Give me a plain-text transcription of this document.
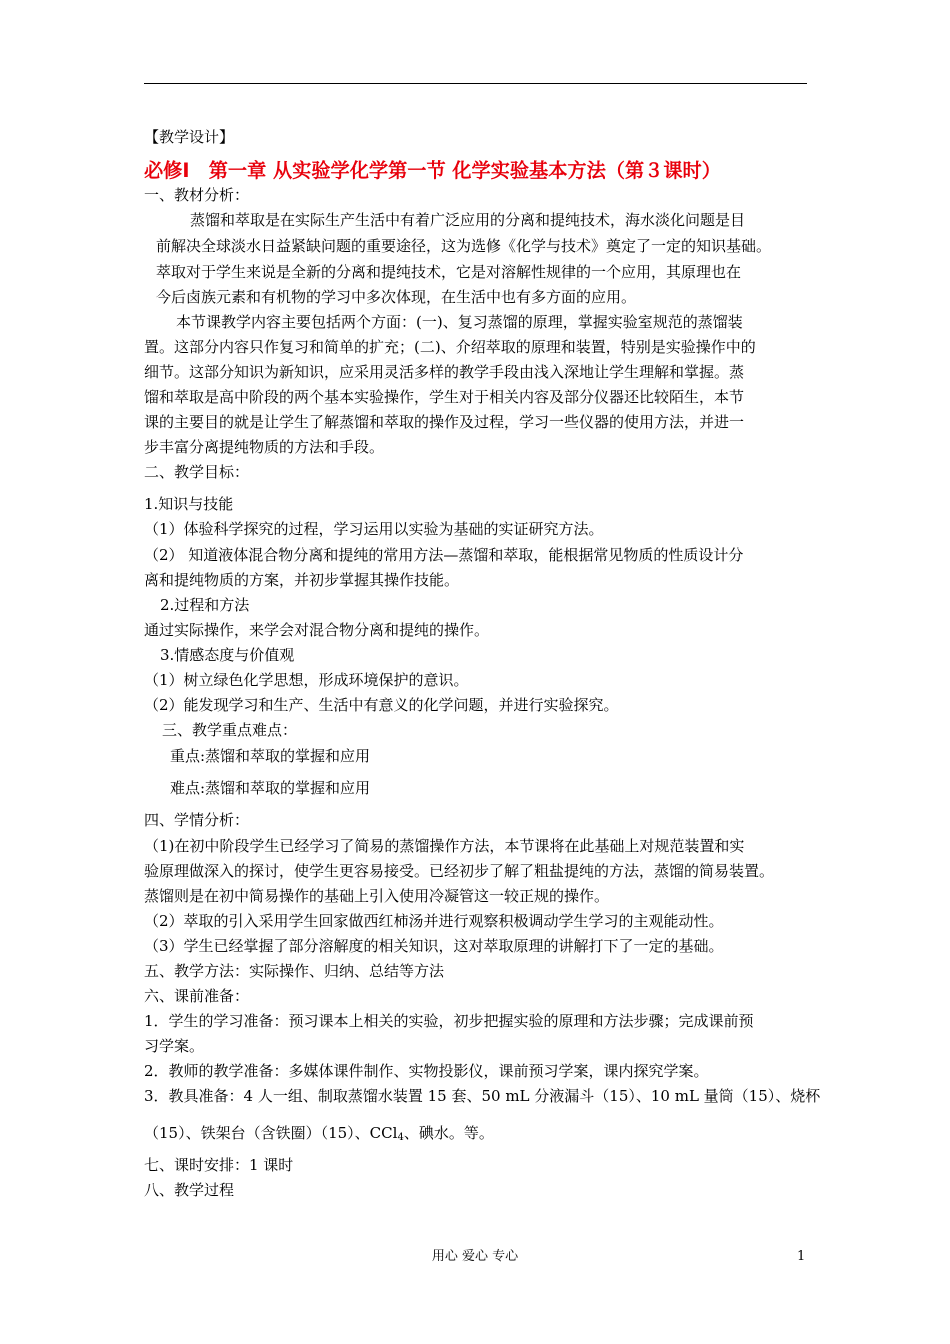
【教学设计】
必修I　第一章 从实验学化学第一节 化学实验基本方法（第３课时）
一、教材分析：
蒸馏和萃取是在实际生产生活中有着广泛应用的分离和提纯技术，海水淡化问题是目
前解决全球淡水日益紧缺问题的重要途径，这为选修《化学与技术》奠定了一定的知识基础。
萃取对于学生来说是全新的分离和提纯技术，它是对溶解性规律的一个应用，其原理也在
今后卤族元素和有机物的学习中多次体现，在生活中也有多方面的应用。
本节课教学内容主要包括两个方面：(一)、复习蒸馏的原理，掌握实验室规范的蒸馏装
置。这部分内容只作复习和简单的扩充；(二)、介绍萃取的原理和装置，特别是实验操作中的
细节。这部分知识为新知识，应采用灵活多样的教学手段由浅入深地让学生理解和掌握。蒸
馏和萃取是高中阶段的两个基本实验操作，学生对于相关内容及部分仪器还比较陌生，本节
课的主要目的就是让学生了解蒸馏和萃取的操作及过程，学习一些仪器的使用方法，并进一
步丰富分离提纯物质的方法和手段。
二、教学目标：
1.知识与技能
（1）体验科学探究的过程，学习运用以实验为基础的实证研究方法。
（2） 知道液体混合物分离和提纯的常用方法—蒸馏和萃取，能根据常见物质的性质设计分
离和提纯物质的方案，并初步掌握其操作技能。
2.过程和方法
通过实际操作，来学会对混合物分离和提纯的操作。
3.情感态度与价值观
（1）树立绿色化学思想，形成环境保护的意识。
（2）能发现学习和生产、生活中有意义的化学问题，并进行实验探究。
三、教学重点难点：
重点:蒸馏和萃取的掌握和应用
难点:蒸馏和萃取的掌握和应用
四、学情分析：
（1)在初中阶段学生已经学习了简易的蒸馏操作方法，本节课将在此基础上对规范装置和实
验原理做深入的探讨，使学生更容易接受。已经初步了解了粗盐提纯的方法，蒸馏的简易装置。
蒸馏则是在初中简易操作的基础上引入使用冷凝管这一较正规的操作。
（2）萃取的引入采用学生回家做西红柿汤并进行观察积极调动学生学习的主观能动性。
（3）学生已经掌握了部分溶解度的相关知识，这对萃取原理的讲解打下了一定的基础。
五、教学方法：实际操作、归纳、总结等方法
六、课前准备：
1．学生的学习准备：预习课本上相关的实验，初步把握实验的原理和方法步骤；完成课前预
习学案。
2．教师的教学准备：多媒体课件制作、实物投影仪，课前预习学案，课内探究学案。
3．教具准备：4 人一组、制取蒸馏水装置 15 套、50 mL 分液漏斗（15）、10 mL 量筒（15）、烧杯
（15）、铁架台（含铁圈）（15）、CCl$_4$、碘水。等。
七、课时安排：1 课时
八、教学过程
用心 爱心 专心	1
